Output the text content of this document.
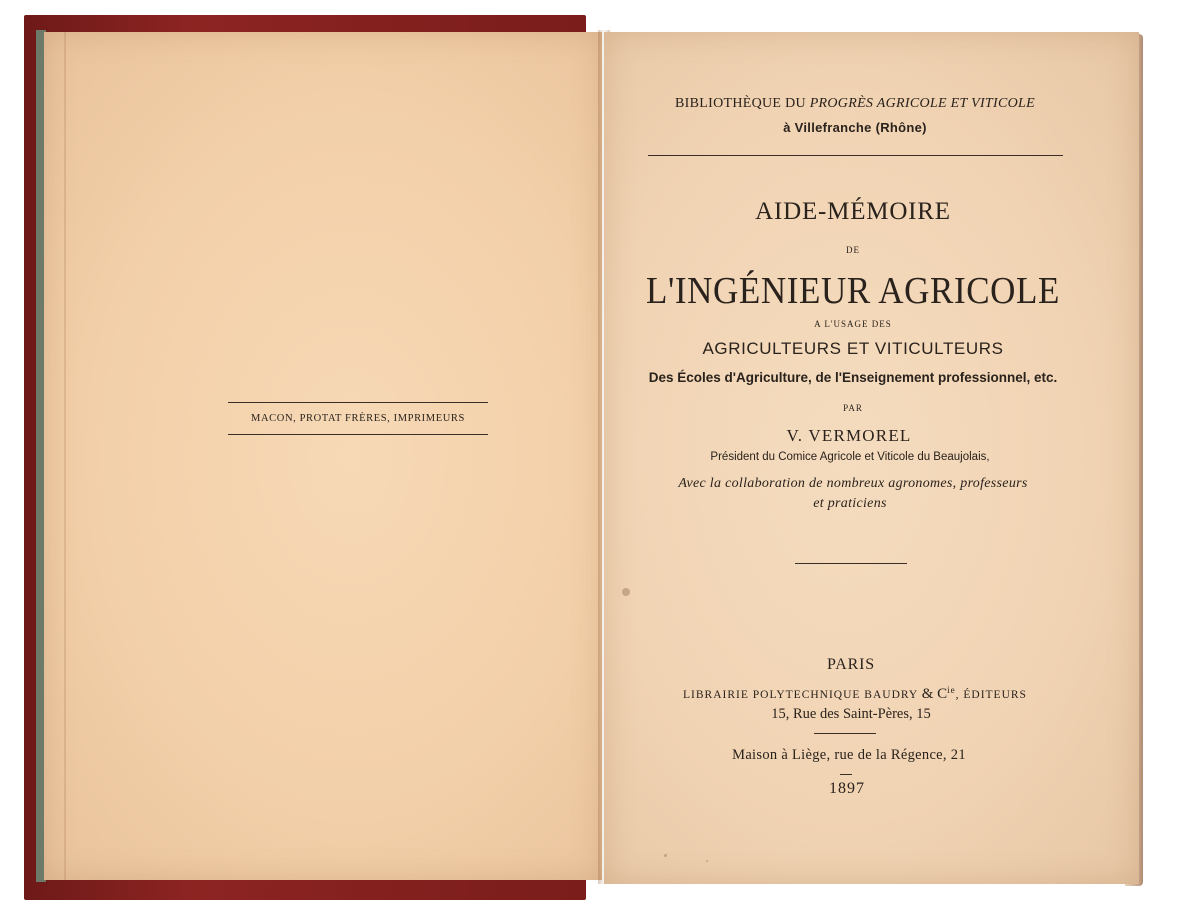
MACON, PROTAT FRÈRES, IMPRIMEURS
BIBLIOTHÈQUE DU PROGRÈS AGRICOLE ET VITICOLE
à Villefranche (Rhône)
AIDE-MÉMOIRE
DE
L'INGÉNIEUR AGRICOLE
A L'USAGE DES
AGRICULTEURS ET VITICULTEURS
Des Écoles d'Agriculture, de l'Enseignement professionnel, etc.
PAR
V. VERMOREL
Président du Comice Agricole et Viticole du Beaujolais,
Avec la collaboration de nombreux agronomes, professeurs
et praticiens
PARIS
LIBRAIRIE POLYTECHNIQUE BAUDRY & $C^{ie}$, ÉDITEURS
15, Rue des Saint-Pères, 15
Maison à Liège, rue de la Régence, 21
1897
